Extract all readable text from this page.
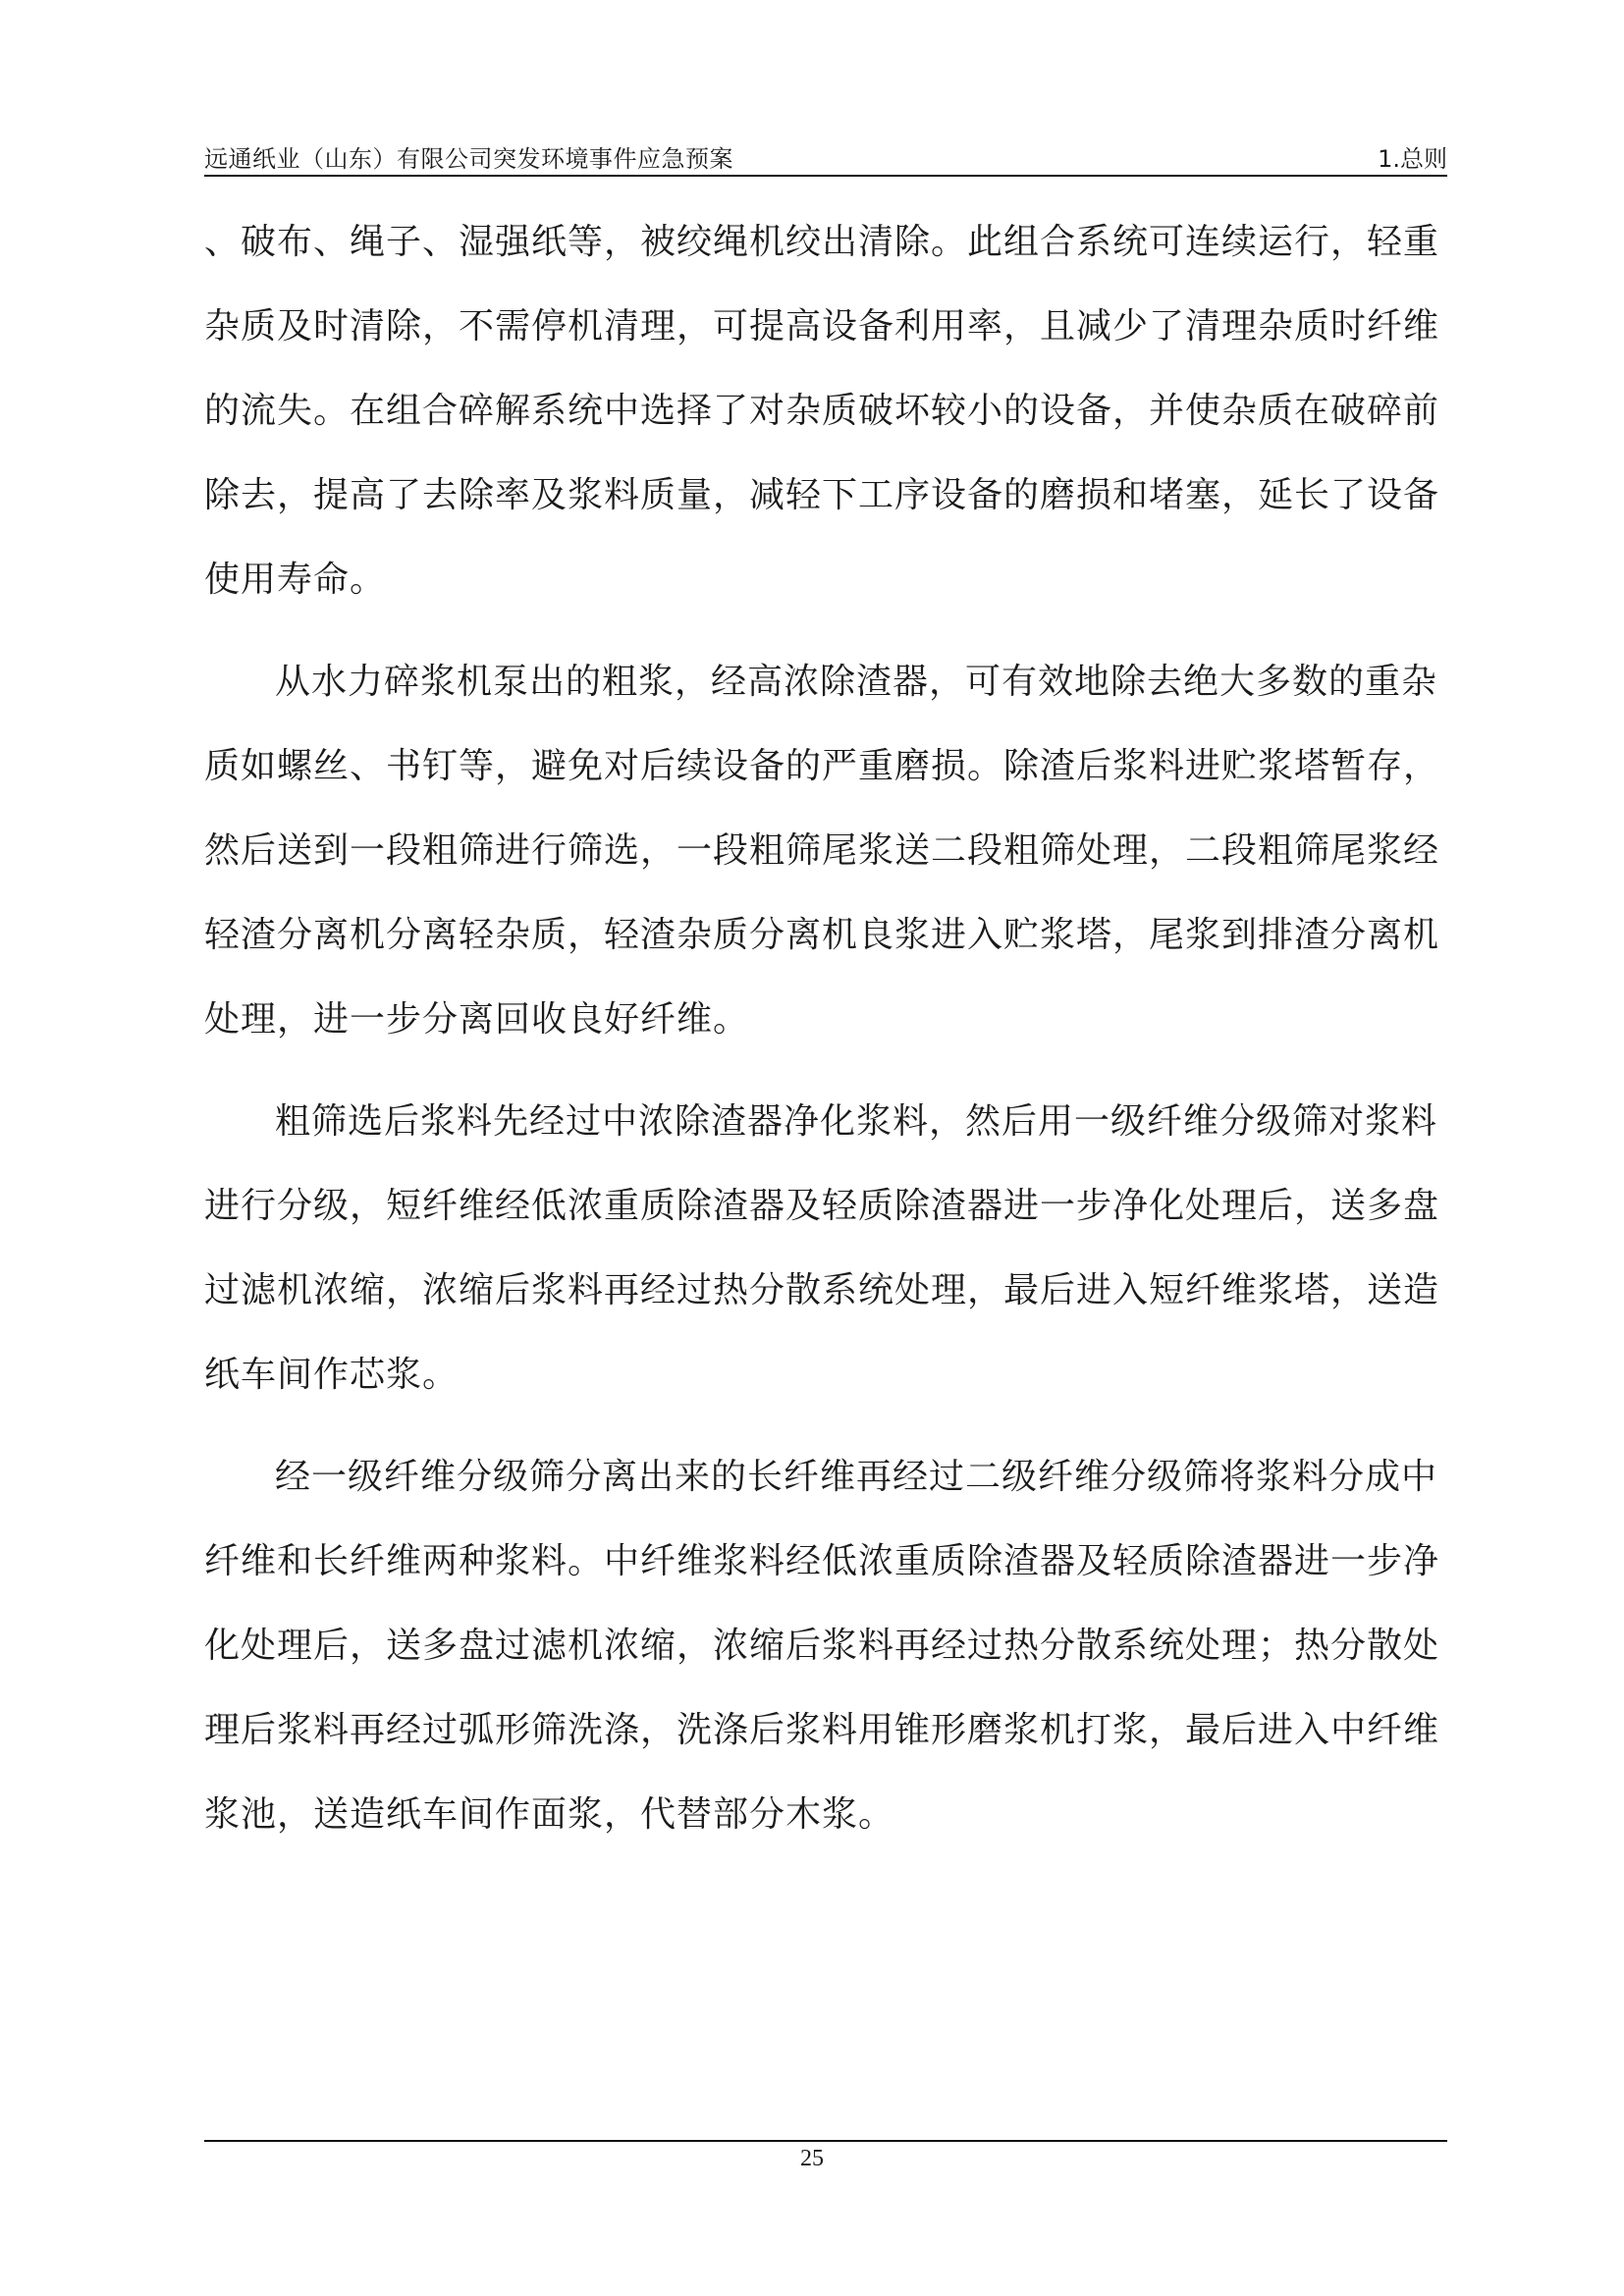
远通纸业（山东）有限公司突发环境事件应急预案	1.总则

、破布、绳子、湿强纸等，被绞绳机绞出清除。此组合系统可连续运行，轻重杂质及时清除，不需停机清理，可提高设备利用率，且减少了清理杂质时纤维的流失。在组合碎解系统中选择了对杂质破坏较小的设备，并使杂质在破碎前除去，提高了去除率及浆料质量，减轻下工序设备的磨损和堵塞，延长了设备使用寿命。

从水力碎浆机泵出的粗浆，经高浓除渣器，可有效地除去绝大多数的重杂质如螺丝、书钉等，避免对后续设备的严重磨损。除渣后浆料进贮浆塔暂存，然后送到一段粗筛进行筛选，一段粗筛尾浆送二段粗筛处理，二段粗筛尾浆经轻渣分离机分离轻杂质，轻渣杂质分离机良浆进入贮浆塔，尾浆到排渣分离机处理，进一步分离回收良好纤维。

粗筛选后浆料先经过中浓除渣器净化浆料，然后用一级纤维分级筛对浆料进行分级，短纤维经低浓重质除渣器及轻质除渣器进一步净化处理后，送多盘过滤机浓缩，浓缩后浆料再经过热分散系统处理，最后进入短纤维浆塔，送造纸车间作芯浆。

经一级纤维分级筛分离出来的长纤维再经过二级纤维分级筛将浆料分成中纤维和长纤维两种浆料。中纤维浆料经低浓重质除渣器及轻质除渣器进一步净化处理后，送多盘过滤机浓缩，浓缩后浆料再经过热分散系统处理；热分散处理后浆料再经过弧形筛洗涤，洗涤后浆料用锥形磨浆机打浆，最后进入中纤维浆池，送造纸车间作面浆，代替部分木浆。

25
